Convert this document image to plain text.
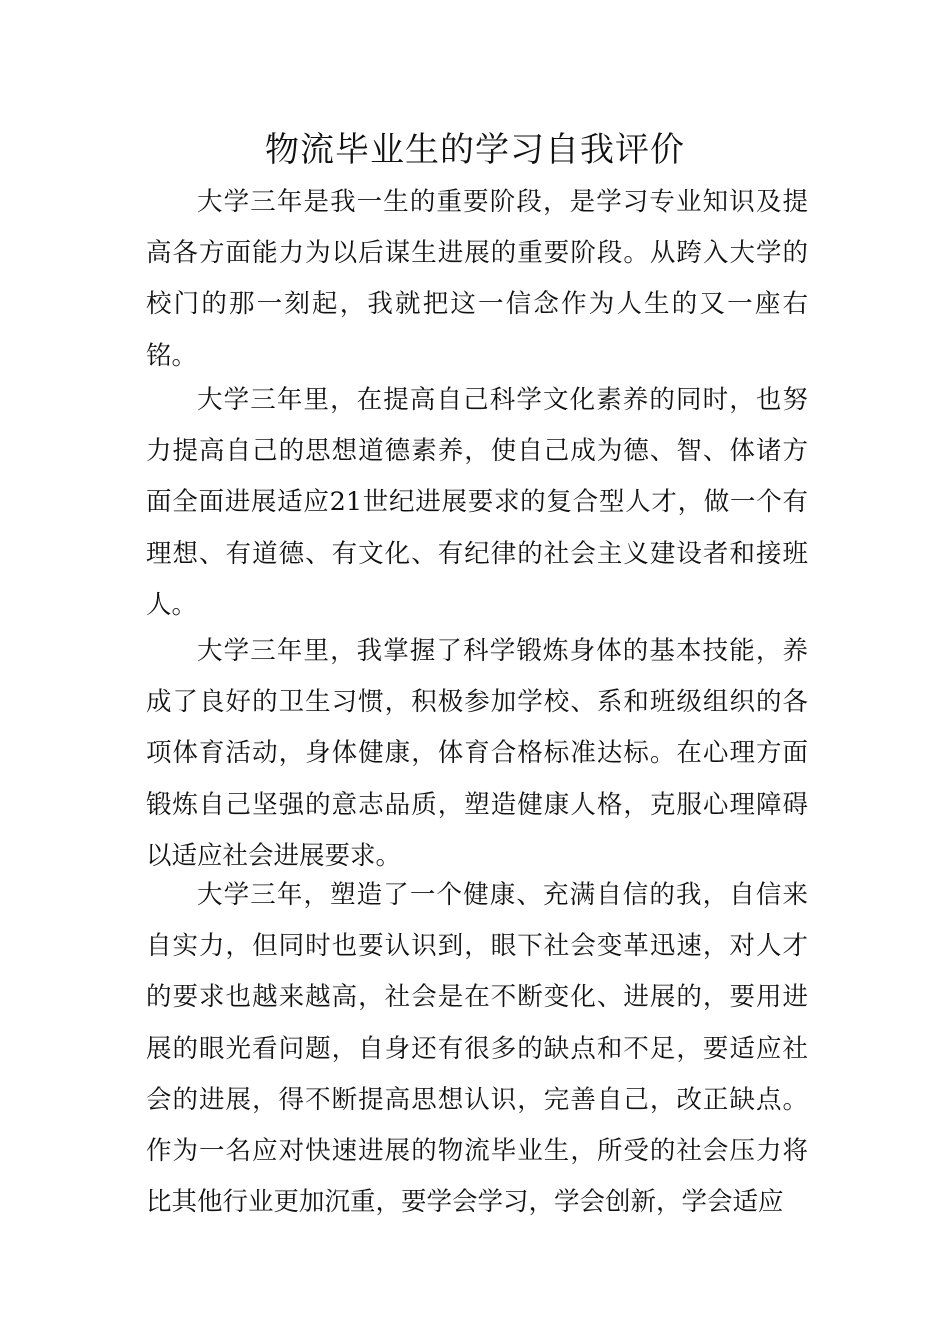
物流毕业生的学习自我评价

大学三年是我一生的重要阶段，是学习专业知识及提高各方面能力为以后谋生进展的重要阶段。从跨入大学的校门的那一刻起，我就把这一信念作为人生的又一座右铭。

大学三年里，在提高自己科学文化素养的同时，也努力提高自己的思想道德素养，使自己成为德、智、体诸方面全面进展适应21世纪进展要求的复合型人才，做一个有理想、有道德、有文化、有纪律的社会主义建设者和接班人。

大学三年里，我掌握了科学锻炼身体的基本技能，养成了良好的卫生习惯，积极参加学校、系和班级组织的各项体育活动，身体健康，体育合格标准达标。在心理方面锻炼自己坚强的意志品质，塑造健康人格，克服心理障碍以适应社会进展要求。

大学三年，塑造了一个健康、充满自信的我，自信来自实力，但同时也要认识到，眼下社会变革迅速，对人才的要求也越来越高，社会是在不断变化、进展的，要用进展的眼光看问题，自身还有很多的缺点和不足，要适应社会的进展，得不断提高思想认识，完善自己，改正缺点。作为一名应对快速进展的物流毕业生，所受的社会压力将比其他行业更加沉重，要学会学习，学会创新，学会适应
